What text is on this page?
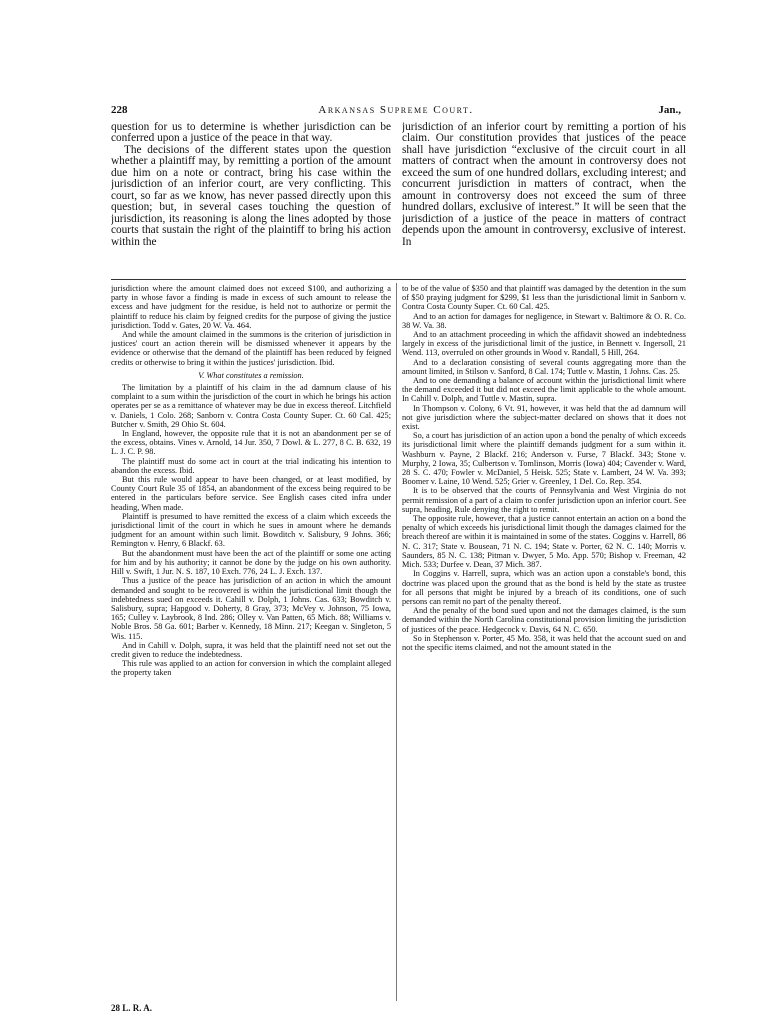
228	Arkansas Supreme Court.	Jan.,

question for us to determine is whether jurisdiction can be conferred upon a justice of the peace in that way.

The decisions of the different states upon the question whether a plaintiff may, by remitting a portion of the amount due him on a note or contract, bring his case within the jurisdiction of an inferior court, are very conflicting. This court, so far as we know, has never passed directly upon this question; but, in several cases touching the question of jurisdiction, its reasoning is along the lines adopted by those courts that sustain the right of the plaintiff to bring his action within the

jurisdiction of an inferior court by remitting a portion of his claim. Our constitution provides that justices of the peace shall have jurisdiction “exclusive of the circuit court in all matters of contract when the amount in controversy does not exceed the sum of one hundred dollars, excluding interest; and concurrent jurisdiction in matters of contract, when the amount in controversy does not exceed the sum of three hundred dollars, exclusive of interest.” It will be seen that the jurisdiction of a justice of the peace in matters of contract depends upon the amount in controversy, exclusive of interest. In

jurisdiction where the amount claimed does not exceed $100, and authorizing a party in whose favor a finding is made in excess of such amount to release the excess and have judgment for the residue, is held not to authorize or permit the plaintiff to reduce his claim by feigned credits for the purpose of giving the justice jurisdiction. Todd v. Gates, 20 W. Va. 464.

And while the amount claimed in the summons is the criterion of jurisdiction in justices' court an action therein will be dismissed whenever it appears by the evidence or otherwise that the demand of the plaintiff has been reduced by feigned credits or otherwise to bring it within the justices' jurisdiction. Ibid.

V. What constitutes a remission.

The limitation by a plaintiff of his claim in the ad damnum clause of his complaint to a sum within the jurisdiction of the court in which he brings his action operates per se as a remittance of whatever may be due in excess thereof. Litchfield v. Daniels, 1 Colo. 268; Sanborn v. Contra Costa County Super. Ct. 60 Cal. 425; Butcher v. Smith, 29 Ohio St. 604.

In England, however, the opposite rule that it is not an abandonment per se of the excess, obtains. Vines v. Arnold, 14 Jur. 350, 7 Dowl. & L. 277, 8 C. B. 632, 19 L. J. C. P. 98.

The plaintiff must do some act in court at the trial indicating his intention to abandon the excess. Ibid.

But this rule would appear to have been changed, or at least modified, by County Court Rule 35 of 1854, an abandonment of the excess being required to be entered in the particulars before service. See English cases cited infra under heading, When made.

Plaintiff is presumed to have remitted the excess of a claim which exceeds the jurisdictional limit of the court in which he sues in amount where he demands judgment for an amount within such limit. Bowditch v. Salisbury, 9 Johns. 366; Remington v. Henry, 6 Blackf. 63.

But the abandonment must have been the act of the plaintiff or some one acting for him and by his authority; it cannot be done by the judge on his own authority. Hill v. Swift, 1 Jur. N. S. 187, 10 Exch. 776, 24 L. J. Exch. 137.

Thus a justice of the peace has jurisdiction of an action in which the amount demanded and sought to be recovered is within the jurisdictional limit though the indebtedness sued on exceeds it. Cahill v. Dolph, 1 Johns. Cas. 633; Bowditch v. Salisbury, supra; Hapgood v. Doherty, 8 Gray, 373; McVey v. Johnson, 75 Iowa, 165; Culley v. Laybrook, 8 Ind. 286; Olley v. Van Patten, 65 Mich. 88; Williams v. Noble Bros. 58 Ga. 601; Barber v. Kennedy, 18 Minn. 217; Keegan v. Singleton, 5 Wis. 115.

And in Cahill v. Dolph, supra, it was held that the plaintiff need not set out the credit given to reduce the indebtedness.

This rule was applied to an action for conversion in which the complaint alleged the property taken

to be of the value of $350 and that plaintiff was damaged by the detention in the sum of $50 praying judgment for $299, $1 less than the jurisdictional limit in Sanborn v. Contra Costa County Super. Ct. 60 Cal. 425.

And to an action for damages for negligence, in Stewart v. Baltimore & O. R. Co. 38 W. Va. 38.

And to an attachment proceeding in which the affidavit showed an indebtedness largely in excess of the jurisdictional limit of the justice, in Bennett v. Ingersoll, 21 Wend. 113, overruled on other grounds in Wood v. Randall, 5 Hill, 264.

And to a declaration consisting of several counts aggregating more than the amount limited, in Stilson v. Sanford, 8 Cal. 174; Tuttle v. Mastin, 1 Johns. Cas. 25.

And to one demanding a balance of account within the jurisdictional limit where the demand exceeded it but did not exceed the limit applicable to the whole amount. In Cahill v. Dolph, and Tuttle v. Mastin, supra.

In Thompson v. Colony, 6 Vt. 91, however, it was held that the ad damnum will not give jurisdiction where the subject-matter declared on shows that it does not exist.

So, a court has jurisdiction of an action upon a bond the penalty of which exceeds its jurisdictional limit where the plaintiff demands judgment for a sum within it. Washburn v. Payne, 2 Blackf. 216; Anderson v. Furse, 7 Blackf. 343; Stone v. Murphy, 2 Iowa, 35; Culbertson v. Tomlinson, Morris (Iowa) 404; Cavender v. Ward, 28 S. C. 470; Fowler v. McDaniel, 5 Heisk. 525; State v. Lambert, 24 W. Va. 393; Boomer v. Laine, 10 Wend. 525; Grier v. Greenley, 1 Del. Co. Rep. 354.

It is to be observed that the courts of Pennsylvania and West Virginia do not permit remission of a part of a claim to confer jurisdiction upon an inferior court. See supra, heading, Rule denying the right to remit.

The opposite rule, however, that a justice cannot entertain an action on a bond the penalty of which exceeds his jurisdictional limit though the damages claimed for the breach thereof are within it is maintained in some of the states. Coggins v. Harrell, 86 N. C. 317; State v. Bousean, 71 N. C. 194; State v. Porter, 62 N. C. 140; Morris v. Saunders, 85 N. C. 138; Pitman v. Dwyer, 5 Mo. App. 570; Bishop v. Freeman, 42 Mich. 533; Durfee v. Dean, 37 Mich. 387.

In Coggins v. Harrell, supra, which was an action upon a constable's bond, this doctrine was placed upon the ground that as the bond is held by the state as trustee for all persons that might be injured by a breach of its conditions, one of such persons can remit no part of the penalty thereof.

And the penalty of the bond sued upon and not the damages claimed, is the sum demanded within the North Carolina constitutional provision limiting the jurisdiction of justices of the peace. Hedgecock v. Davis, 64 N. C. 650.

So in Stephenson v. Porter, 45 Mo. 358, it was held that the account sued on and not the specific items claimed, and not the amount stated in the

28 L. R. A.
